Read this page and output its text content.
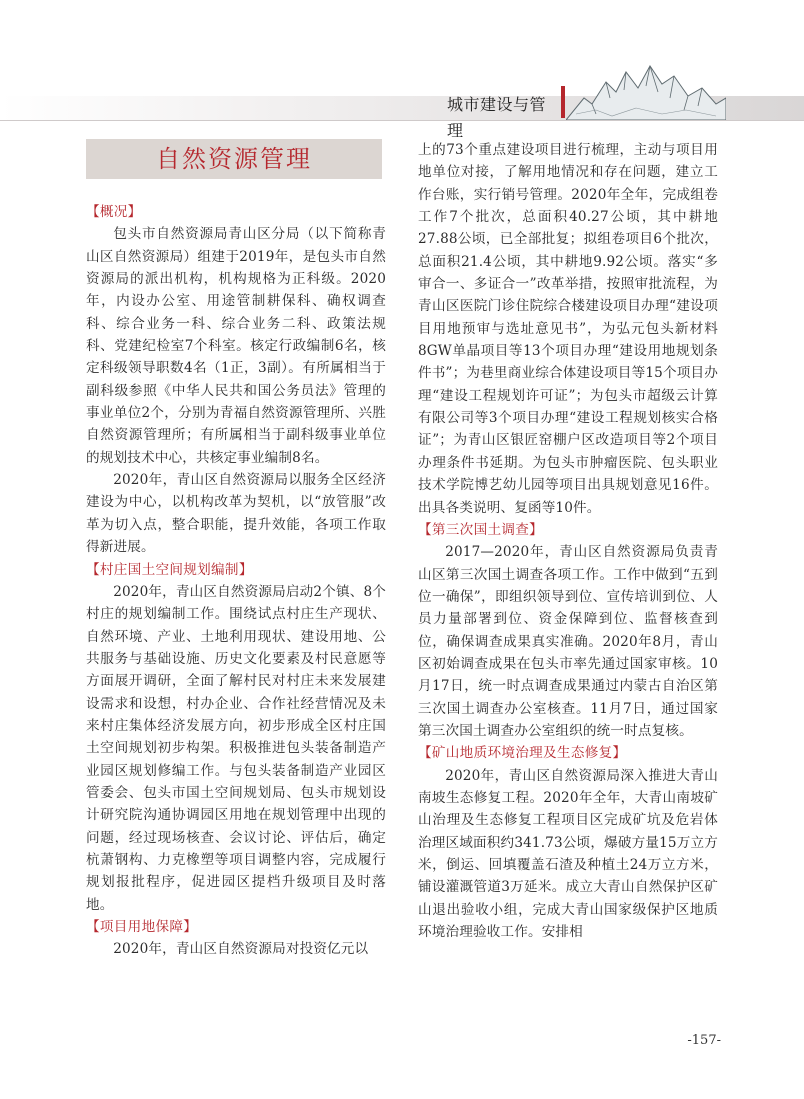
城市建设与管理
自然资源管理

【概况】

包头市自然资源局青山区分局（以下简称青山区自然资源局）组建于2019年，是包头市自然资源局的派出机构，机构规格为正科级。2020年，内设办公室、用途管制耕保科、确权调查科、综合业务一科、综合业务二科、政策法规科、党建纪检室7个科室。核定行政编制6名，核定科级领导职数4名（1正，3副）。有所属相当于副科级参照《中华人民共和国公务员法》管理的事业单位2个，分别为青福自然资源管理所、兴胜自然资源管理所；有所属相当于副科级事业单位的规划技术中心，共核定事业编制8名。

2020年，青山区自然资源局以服务全区经济建设为中心，以机构改革为契机，以“放管服”改革为切入点，整合职能，提升效能，各项工作取得新进展。

【村庄国土空间规划编制】

2020年，青山区自然资源局启动2个镇、8个村庄的规划编制工作。围绕试点村庄生产现状、自然环境、产业、土地利用现状、建设用地、公共服务与基础设施、历史文化要素及村民意愿等方面展开调研，全面了解村民对村庄未来发展建设需求和设想，村办企业、合作社经营情况及未来村庄集体经济发展方向，初步形成全区村庄国土空间规划初步构架。积极推进包头装备制造产业园区规划修编工作。与包头装备制造产业园区管委会、包头市国土空间规划局、包头市规划设计研究院沟通协调园区用地在规划管理中出现的问题，经过现场核查、会议讨论、评估后，确定杭萧钢构、力克橡塑等项目调整内容，完成履行规划报批程序，促进园区提档升级项目及时落地。

【项目用地保障】

2020年，青山区自然资源局对投资亿元以

上的73个重点建设项目进行梳理，主动与项目用地单位对接，了解用地情况和存在问题，建立工作台账，实行销号管理。2020年全年，完成组卷工作7个批次，总面积40.27公顷，其中耕地27.88公顷，已全部批复；拟组卷项目6个批次，总面积21.4公顷，其中耕地9.92公顷。落实“多审合一、多证合一”改革举措，按照审批流程，为青山区医院门诊住院综合楼建设项目办理“建设项目用地预审与选址意见书”，为弘元包头新材料8GW单晶项目等13个项目办理“建设用地规划条件书”；为巷里商业综合体建设项目等15个项目办理“建设工程规划许可证”；为包头市超级云计算有限公司等3个项目办理“建设工程规划核实合格证”；为青山区银匠窑棚户区改造项目等2个项目办理条件书延期。为包头市肿瘤医院、包头职业技术学院博艺幼儿园等项目出具规划意见16件。出具各类说明、复函等10件。

【第三次国土调查】

2017—2020年，青山区自然资源局负责青山区第三次国土调查各项工作。工作中做到“五到位一确保”，即组织领导到位、宣传培训到位、人员力量部署到位、资金保障到位、监督核查到位，确保调查成果真实准确。2020年8月，青山区初始调查成果在包头市率先通过国家审核。10月17日，统一时点调查成果通过内蒙古自治区第三次国土调查办公室核查。11月7日，通过国家第三次国土调查办公室组织的统一时点复核。

【矿山地质环境治理及生态修复】

2020年，青山区自然资源局深入推进大青山南坡生态修复工程。2020年全年，大青山南坡矿山治理及生态修复工程项目区完成矿坑及危岩体治理区域面积约341.73公顷，爆破方量15万立方米，倒运、回填覆盖石渣及种植土24万立方米，铺设灌溉管道3万延米。成立大青山自然保护区矿山退出验收小组，完成大青山国家级保护区地质环境治理验收工作。安排相

-157-
